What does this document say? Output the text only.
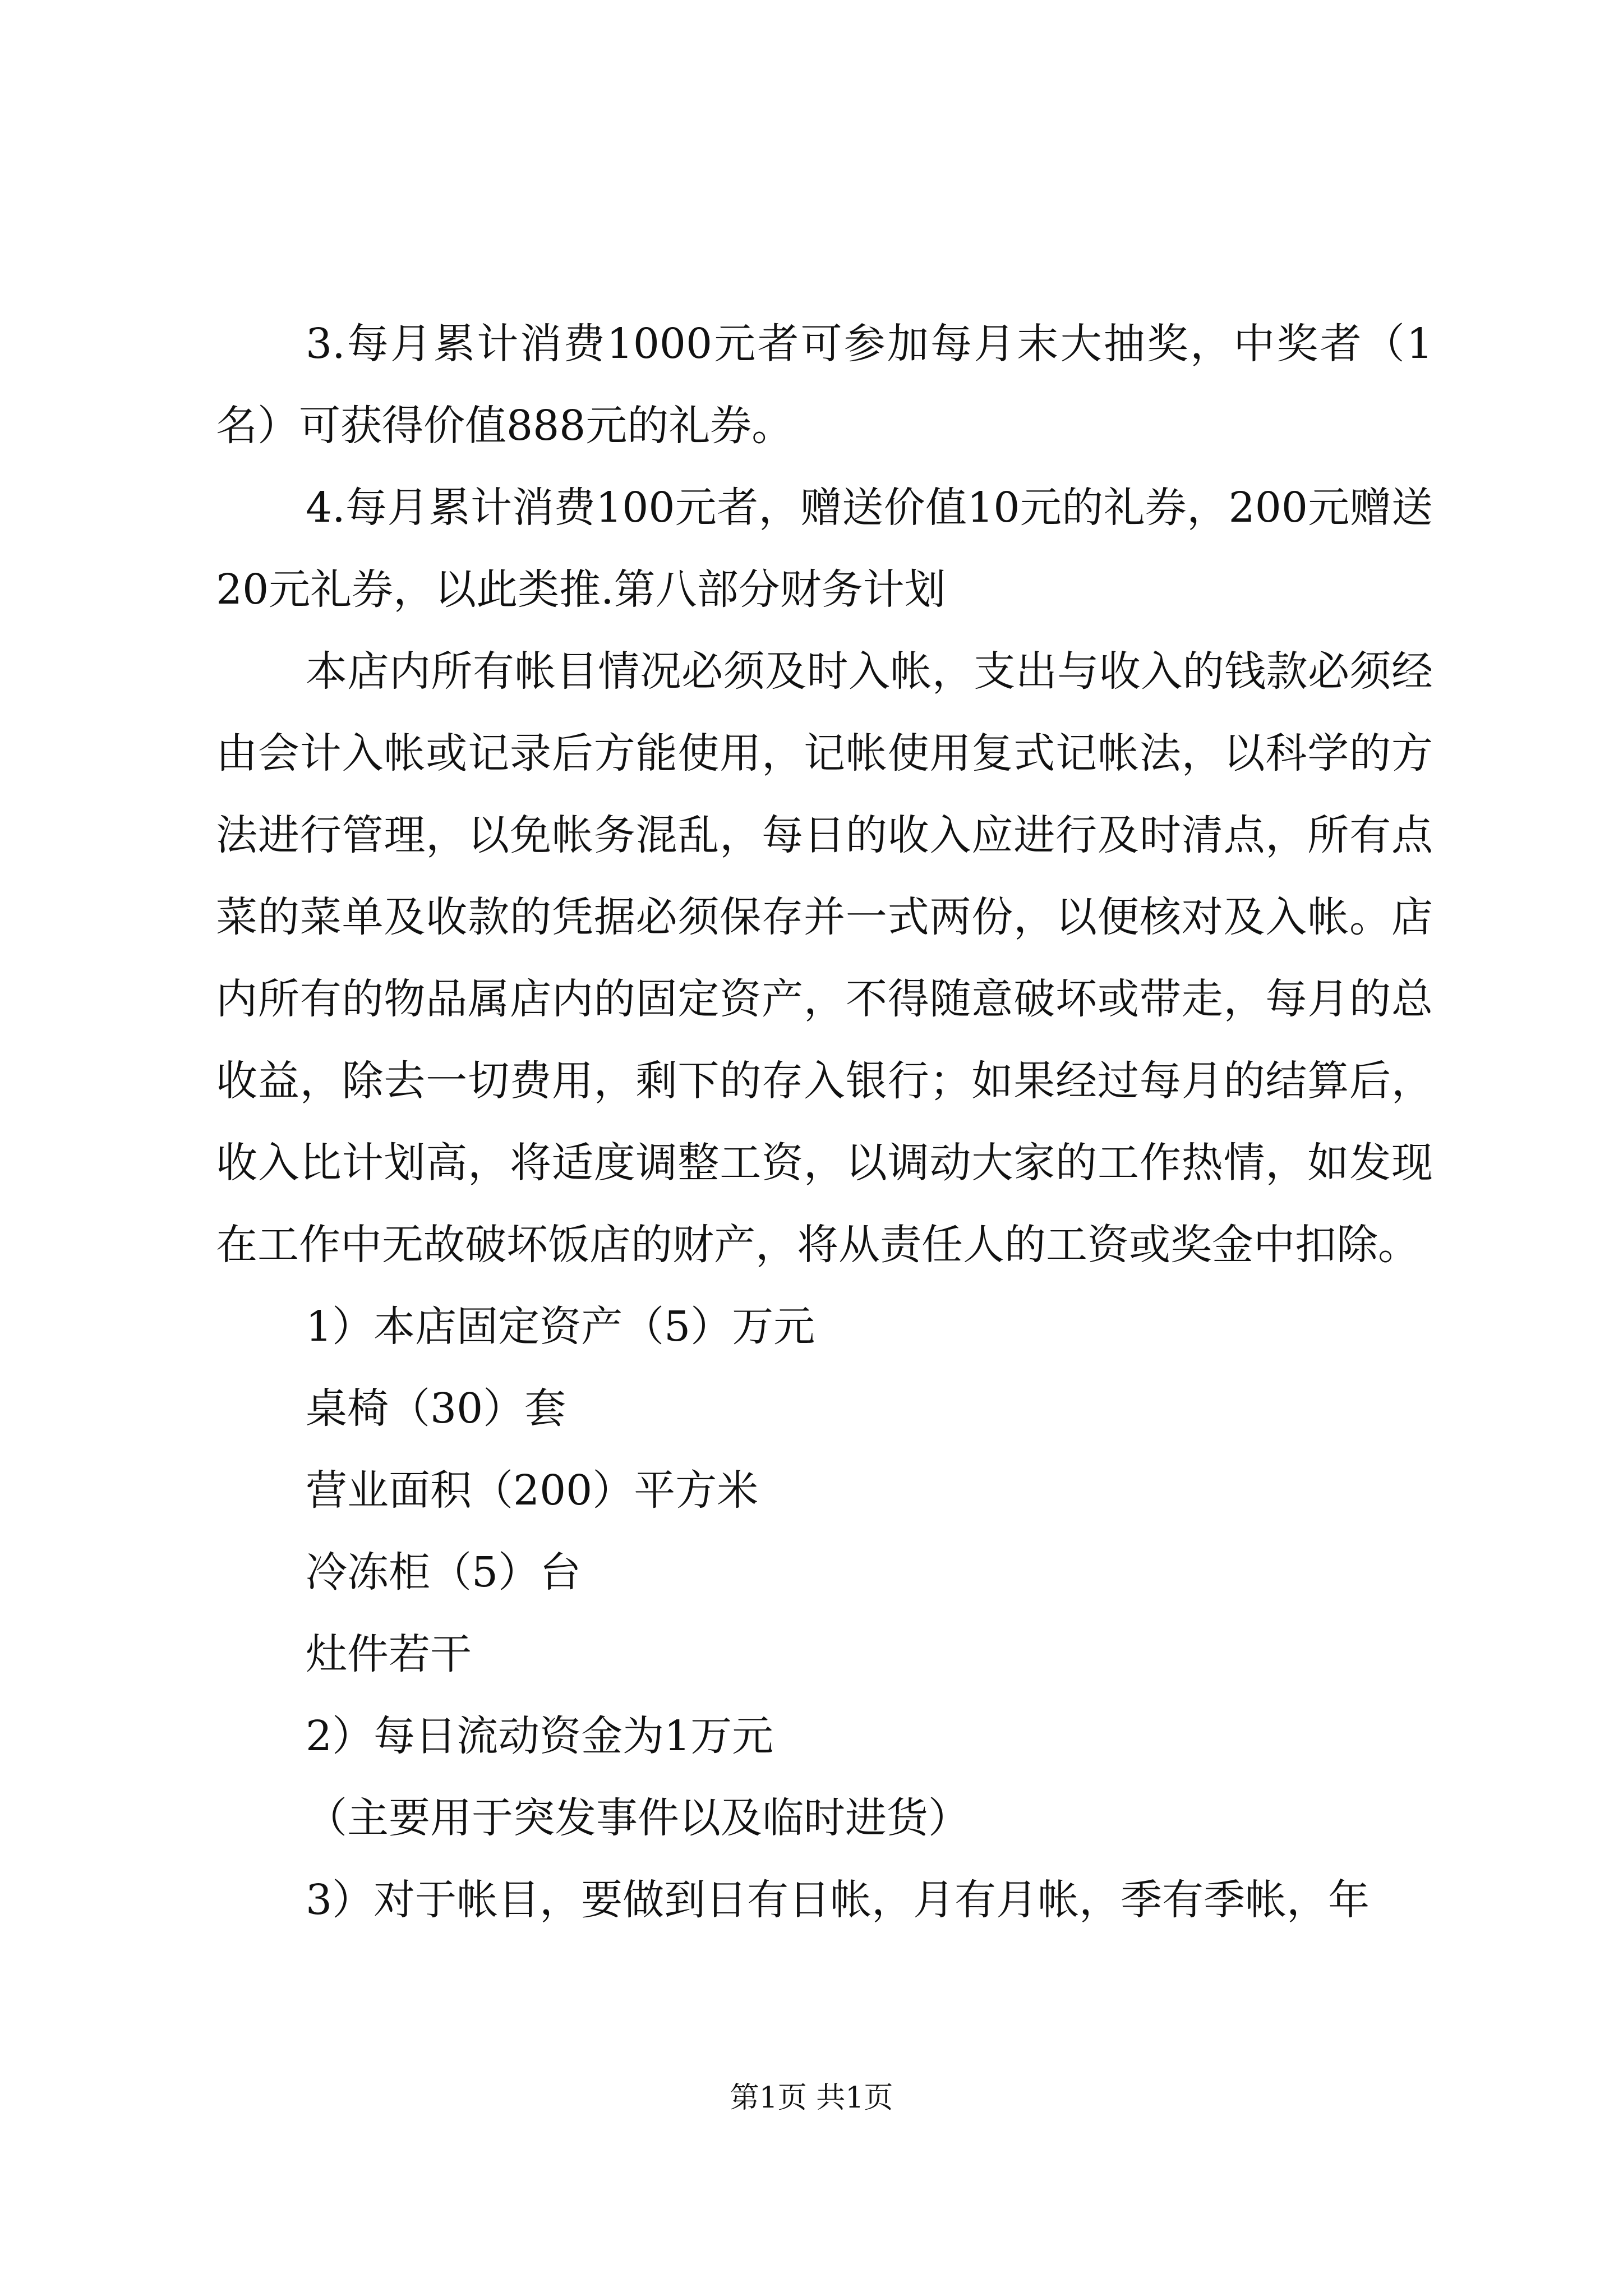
3.每月累计消费1000元者可参加每月末大抽奖，中奖者（1名）可获得价值888元的礼券。

4.每月累计消费100元者，赠送价值10元的礼券，200元赠送20元礼券，以此类推.第八部分财务计划

本店内所有帐目情况必须及时入帐，支出与收入的钱款必须经由会计入帐或记录后方能使用，记帐使用复式记帐法，以科学的方法进行管理，以免帐务混乱，每日的收入应进行及时清点，所有点菜的菜单及收款的凭据必须保存并一式两份，以便核对及入帐。店内所有的物品属店内的固定资产，不得随意破坏或带走，每月的总收益，除去一切费用，剩下的存入银行；如果经过每月的结算后，收入比计划高，将适度调整工资，以调动大家的工作热情，如发现在工作中无故破坏饭店的财产，将从责任人的工资或奖金中扣除。

1）本店固定资产（5）万元

桌椅（30）套

营业面积（200）平方米

冷冻柜（5）台

灶件若干

2）每日流动资金为1万元

（主要用于突发事件以及临时进货）

3）对于帐目，要做到日有日帐，月有月帐，季有季帐，年

第1页 共1页
